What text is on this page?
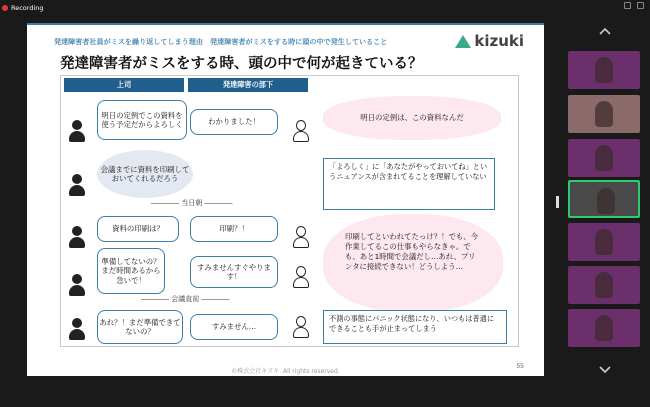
Recording
発達障害者社員がミスを繰り返してしまう理由　発達障害者がミスをする時に頭の中で発生していること	kizuki
発達障害者がミスをする時、頭の中で何が起きている？
上司	発達障害の部下
明日の定例でこの資料を使う予定だからよろしく	わかりました！
会議までに資料を印刷しておいてくれるだろう
―――― 当日朝 ――――
資料の印刷は？	印刷？！
準備してないの？まだ時間あるから急いで！
すみませんすぐやります！
―――― 会議直前 ――――
あれ？！まだ準備できてないの？
すみません…
明日の定例は、この資料なんだ
「よろしく」に「あなたがやっておいてね」というニュアンスが含まれてることを理解していない
印刷してといわれてたっけ？！でも、今作業してるこの仕事もやらなきゃ。でも、あと1時間で会議だし…あれ、プリンタに接続できない！どうしよう…
不測の事態にパニック状態になり、いつもは普通にできることも手が止まってしまう
©株式会社キズキ. All rights reserved.
55
